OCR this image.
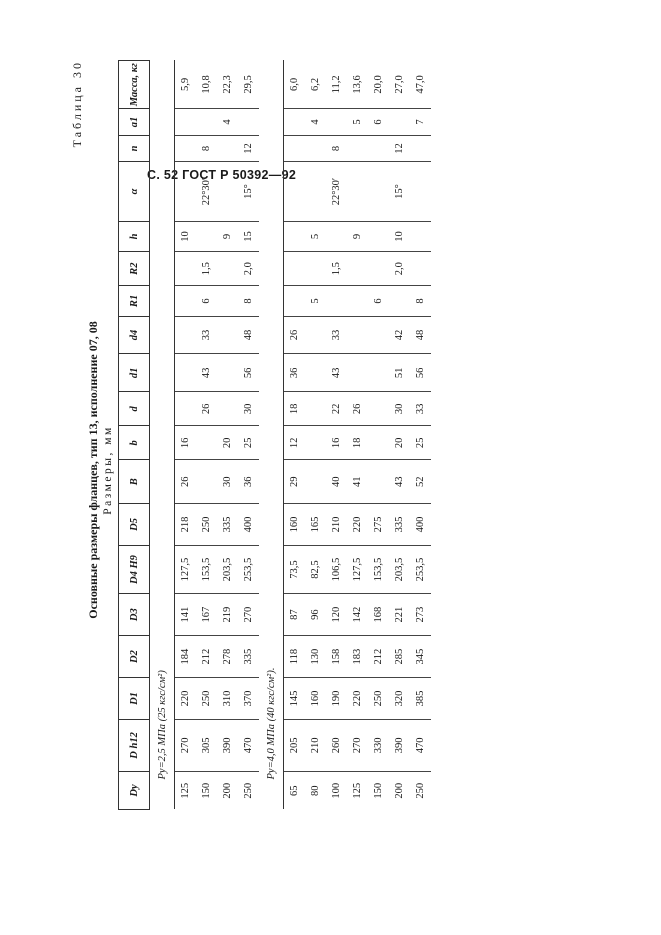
С. 52 ГОСТ Р 50392—92
Таблица 30
Основные размеры фланцев, тип 13, исполнение 07, 08 Размеры, мм
Dy	D h12	D1	D2	D3	D4 H9	D5	B	b	d	d1	d4	R1	R2	h	α	n	a1	Масса, кг
Py=2,5 МПа (25 кгс/см²)																		
125	270	220	184	141	127,5	218	26	16						10				5,9
150	305	250	212	167	153,5	250			26	43	33	6	1,5		22°30′	8		10,8
200	390	310	278	219	203,5	335	30	20						9			4	22,3
250	470	370	335	270	253,5	400	36	25	30	56	48	8	2,0	15	15°	12		29,5
Py=4,0 МПа (40 кгс/см²).																		
65	205	145	118	87	73,5	160	29	12	18	36	26							6,0
80	210	160	130	96	82,5	165						5		5			4	6,2
100	260	190	158	120	106,5	210	40	16	22	43	33		1,5		22°30′	8		11,2
125	270	220	183	142	127,5	220	41	18	26					9			5	13,6
150	330	250	212	168	153,5	275						6					6	20,0
200	390	320	285	221	203,5	335	43	20	30	51	42		2,0	10	15°	12		27,0
250	470	385	345	273	253,5	400	52	25	33	56	48	8					7	47,0
